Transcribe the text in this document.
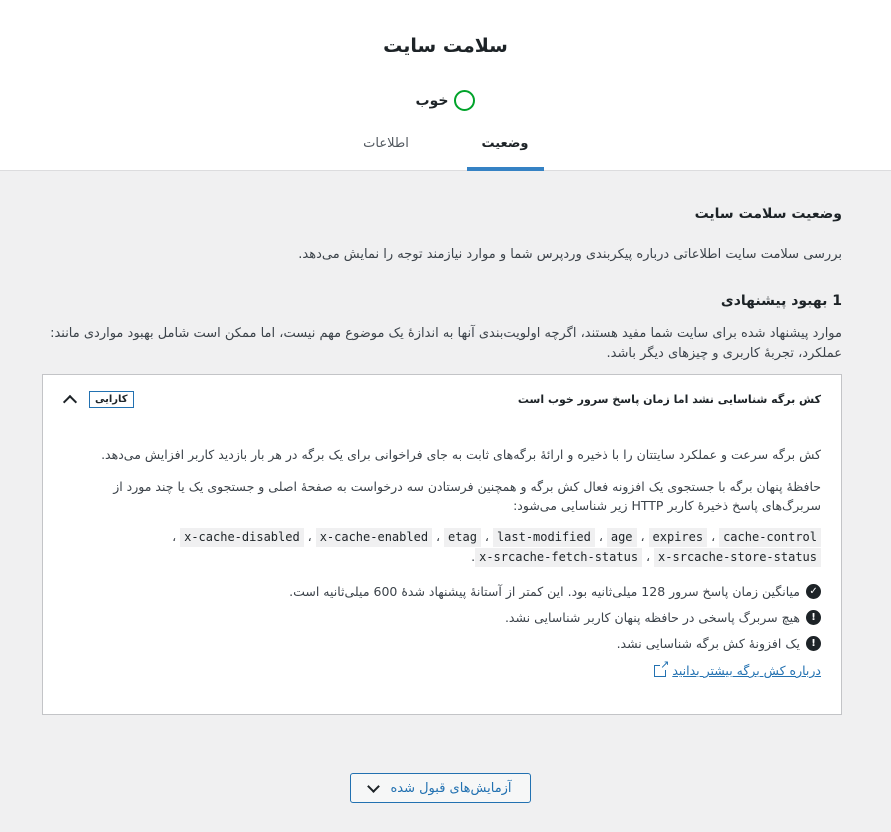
سلامت سایت
خوب
وضعیت
اطلاعات
وضعیت سلامت سایت

بررسی سلامت سایت اطلاعاتی درباره پیکربندی وردپرس شما و موارد نیازمند توجه را نمایش می‌دهد.

1 بهبود پیشنهادی

موارد پیشنهاد شده برای سایت شما مفید هستند، اگرچه اولویت‌بندی آنها به اندازهٔ یک موضوع مهم نیست، اما ممکن است شامل بهبود مواردی مانند: عملکرد، تجربهٔ کاربری و چیزهای دیگر باشد.

کش برگه شناسایی نشد اما زمان پاسخ سرور خوب است
کارایی

کش برگه سرعت و عملکرد سایتتان را با ذخیره و ارائهٔ برگه‌های ثابت به جای فراخوانی برای یک برگه در هر بار بازدید کاربر افزایش می‌دهد.

حافظهٔ پنهان برگه با جستجوی یک افزونه فعال کش برگه و همچنین فرستادن سه درخواست به صفحهٔ اصلی و جستجوی یک یا چند مورد از سربرگ‌های پاسخ ذخیرهٔ کاربر HTTP زیر شناسایی می‌شود:

cache-control ، expires ، age ، last-modified ، etag ، x-cache-enabled ، x-cache-disabled ، x-srcache-store-status ، x-srcache-fetch-status.

✓
میانگین زمان پاسخ سرور 128 میلی‌ثانیه بود. این کمتر از آستانهٔ پیشنهاد شدهٔ 600 میلی‌ثانیه است.
!
هیچ سربرگ پاسخی در حافظه پنهان کاربر شناسایی نشد.
!
یک افزونهٔ کش برگه شناسایی نشد.
درباره کش برگه بیشتر بدانید
↗
آزمایش‌های قبول شده
